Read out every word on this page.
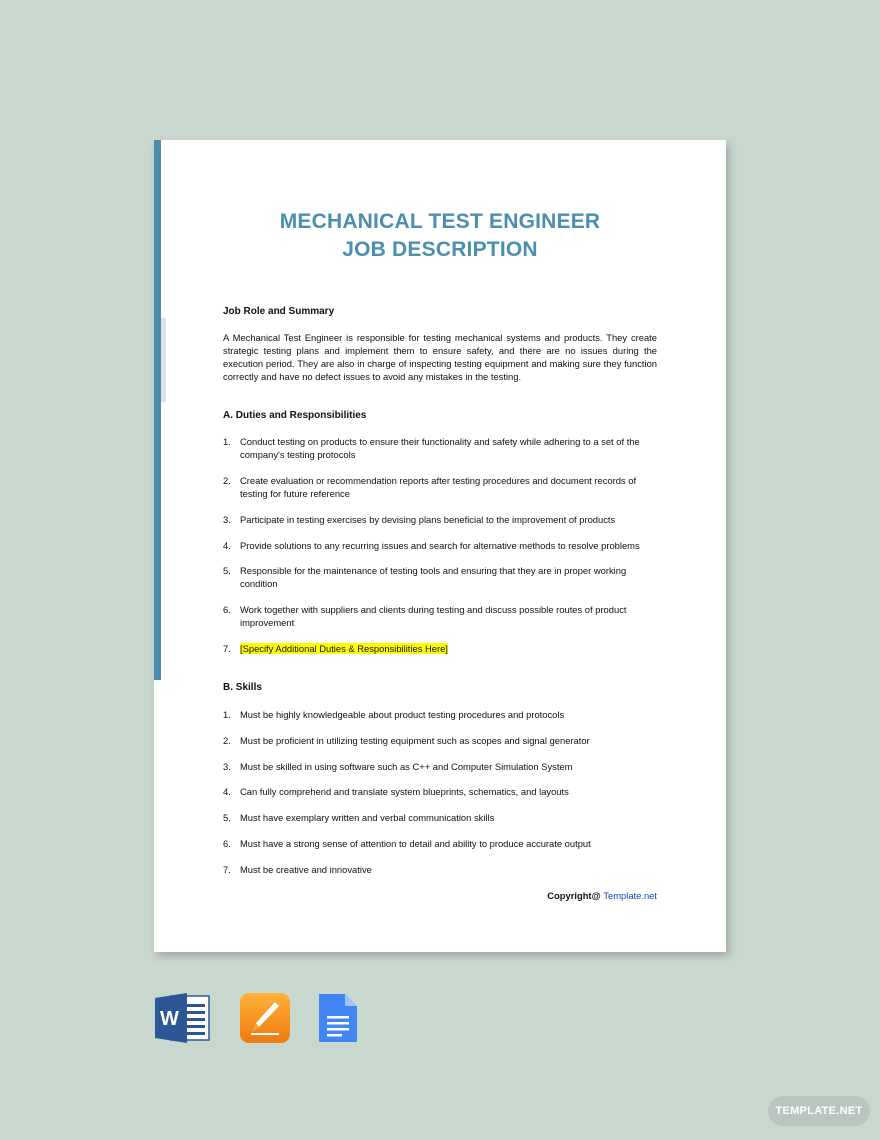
MECHANICAL TEST ENGINEER
JOB DESCRIPTION
Job Role and Summary
A Mechanical Test Engineer is responsible for testing mechanical systems and products. They create strategic testing plans and implement them to ensure safety, and there are no issues during the execution period. They are also in charge of inspecting testing equipment and making sure they function correctly and have no defect issues to avoid any mistakes in the testing.
A. Duties and Responsibilities
1. Conduct testing on products to ensure their functionality and safety while adhering to a set of the company's testing protocols
2. Create evaluation or recommendation reports after testing procedures and document records of testing for future reference
3. Participate in testing exercises by devising plans beneficial to the improvement of products
4. Provide solutions to any recurring issues and search for alternative methods to resolve problems
5. Responsible for the maintenance of testing tools and ensuring that they are in proper working condition
6. Work together with suppliers and clients during testing and discuss possible routes of product improvement
7. [Specify Additional Duties & Responsibilities Here]
B. Skills
1. Must be highly knowledgeable about product testing procedures and protocols
2. Must be proficient in utilizing testing equipment such as scopes and signal generator
3. Must be skilled in using software such as C++ and Computer Simulation System
4. Can fully comprehend and translate system blueprints, schematics, and layouts
5. Must have exemplary written and verbal communication skills
6. Must have a strong sense of attention to detail and ability to produce accurate output
7. Must be creative and innovative
Copyright@ Template.net
W
TEMPLATE.NET
